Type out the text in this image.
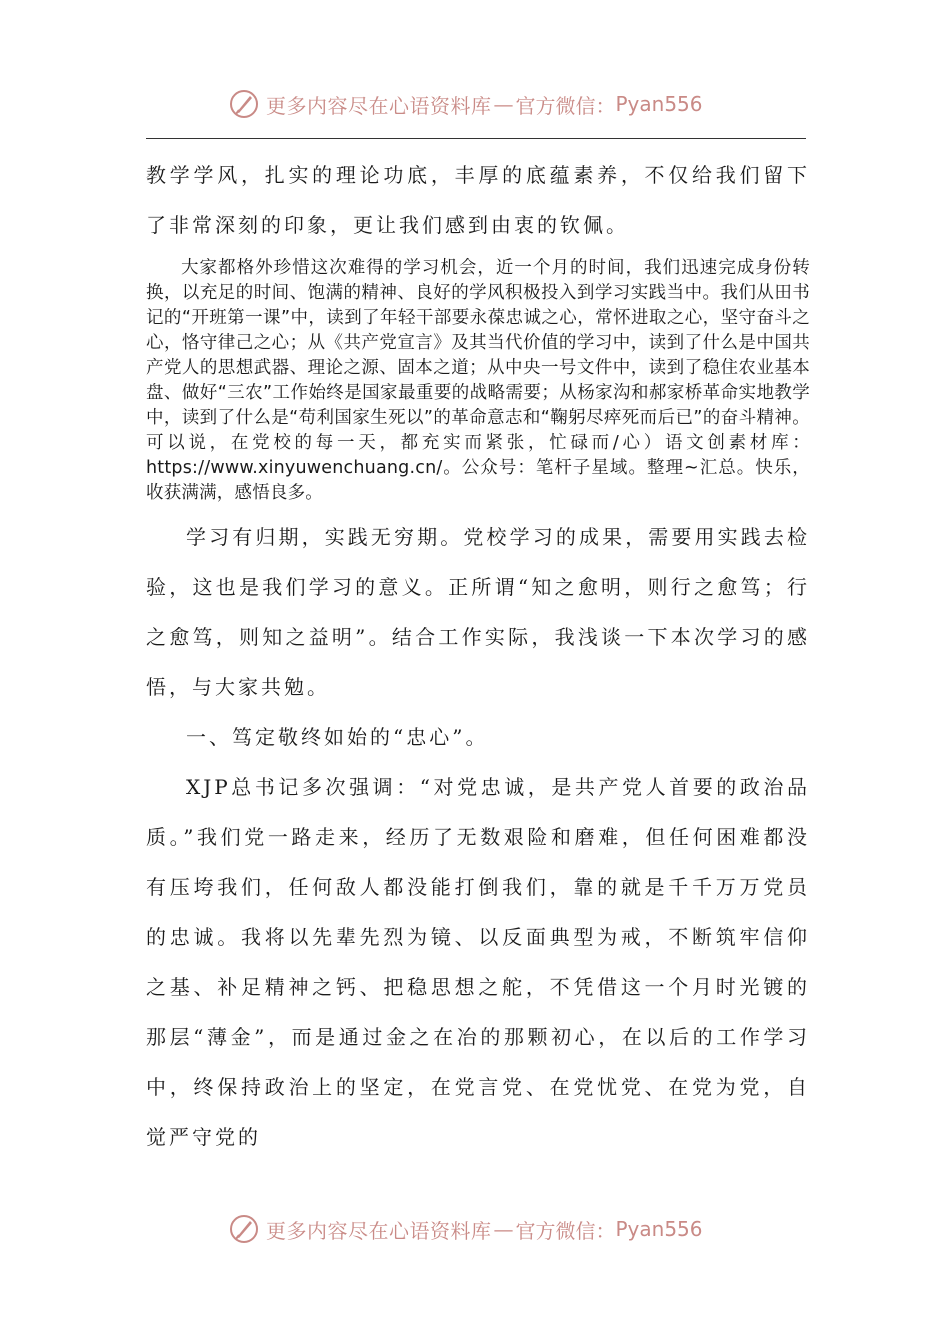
更多内容尽在心语资料库 — 官方微信： Pyan556

教学学风，扎实的理论功底，丰厚的底蕴素养，不仅给我们留下了非常深刻的印象，更让我们感到由衷的钦佩。

大家都格外珍惜这次难得的学习机会，近一个月的时间，我们迅速完成身份转换，以充足的时间、饱满的精神、良好的学风积极投入到学习实践当中。我们从田书记的“开班第一课”中，读到了年轻干部要永葆忠诚之心，常怀进取之心，坚守奋斗之心，恪守律己之心；从《共产党宣言》及其当代价值的学习中，读到了什么是中国共产党人的思想武器、理论之源、固本之道；从中央一号文件中，读到了稳住农业基本盘、做好“三农”工作始终是国家最重要的战略需要；从杨家沟和郝家桥革命实地教学中，读到了什么是“苟利国家生死以”的革命意志和“鞠躬尽瘁死而后已”的奋斗精神。可以说，在党校的每一天，都充实而紧张，忙碌而/心）语文创素材库：https://www.xinyuwenchuang.cn/。公众号：笔杆子星域。整理~汇总。快乐，收获满满，感悟良多。

学习有归期，实践无穷期。党校学习的成果，需要用实践去检验，这也是我们学习的意义。正所谓“知之愈明，则行之愈笃；行之愈笃，则知之益明”。结合工作实际，我浅谈一下本次学习的感悟，与大家共勉。

一、笃定敬终如始的“忠心”。

XJP总书记多次强调：“对党忠诚，是共产党人首要的政治品质。”我们党一路走来，经历了无数艰险和磨难，但任何困难都没有压垮我们，任何敌人都没能打倒我们，靠的就是千千万万党员的忠诚。我将以先辈先烈为镜、以反面典型为戒，不断筑牢信仰之基、补足精神之钙、把稳思想之舵，不凭借这一个月时光镀的那层“薄金”，而是通过金之在冶的那颗初心，在以后的工作学习中，终保持政治上的坚定，在党言党、在党忧党、在党为党，自觉严守党的

更多内容尽在心语资料库 — 官方微信： Pyan556
